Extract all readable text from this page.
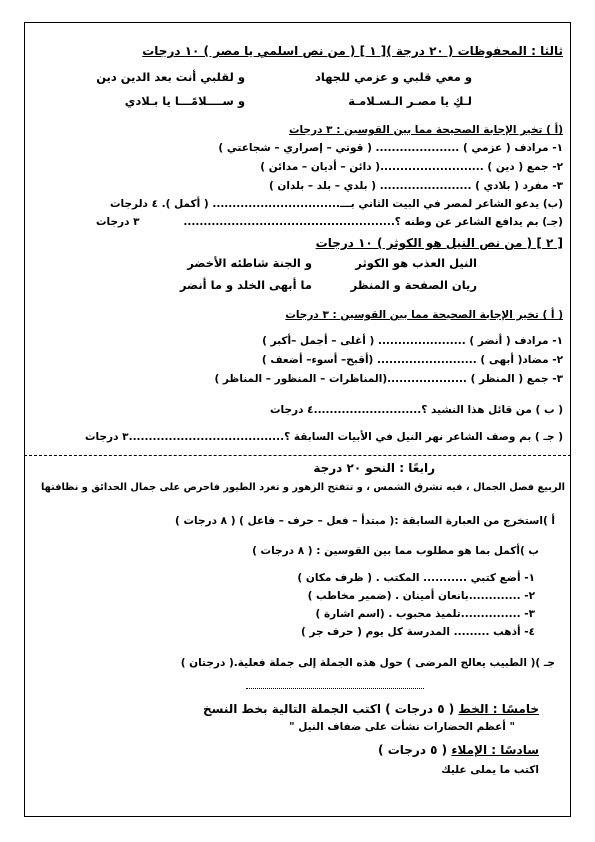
ثالثا : المحفوظات ( ٢٠ درجة )[ ١ ] ( من نص اسلمي يا مصر ) ١٠ درجات
و معي قلبي و عزمي للجهاد
و لقلبي أنت بعد الدين دين
لـكِ يا مصـر الـسـلامـة
و ســــلامًـــا يا بـلادي
(أ ) تخير الإجابة الصحيحة مما بين القوسين : ٣ درجات
١- مرادف ( عزمي ) ..................... ( قوتي – إصراري – شجاعتي )
٢- جمع ( دين ) ..........................( دائن – أديان – مدائن )
٣- مفرد ( بلادي ) ....................... ( بلدي – بلد – بلدان )
(ب) يدعو الشاعر لمصر في البيت الثاني بـــ................................ ( أكمل ). ٤ دلرجات
(جـ) بم يدافع الشاعر عن وطنه ؟.....................................................
٣ درجات
[ ٢ ] ( من نص النيل هو الكوثر ) ١٠ درجات
النيل العذب هو الكوثر
و الجنة شاطئه الأخضر
ريان الصفحة و المنظر
ما أبهى الخلد و ما أنضر
( أ ) تخير الإجابة الصحيحة مما بين القوسين : ٣ درجات
١- مرادف ( أنضر ) ...................... ( أغلى – أجمل –أكبر )
٢- مضاد( أبهى ) ......................... (أقبح– أسوء– أضعف )
٣- جمع ( المنظر ) ....................(المناظرات – المنظور – المناظر )
( ب ) من قائل هذا النشيد ؟...........................٤ درجات
( جـ ) بم وصف الشاعر نهر النيل في الأبيات السابقة ؟.......................................٣ درجات
رابعًا : النحو ٢٠ درجة
الربيع فصل الجمال ، فيه تشرق الشمس ، و تتفتح الزهور و تغرد الطيور فاحرص على جمال الحدائق و نظافتها
أ )استخرج من العبارة السابقة :( مبتدأ – فعل – حرف – فاعل ) ( ٨ درجات )
ب )أكمل بما هو مطلوب مما بين القوسين : ( ٨ درجات )
١- أضع كتبي ........... المكتب . ( ظرف مكان )
٢- .............بانعان أمينان . (ضمير مخاطب )
٣- ...............تلميذ محبوب . (اسم اشارة )
٤- أذهب ......... المدرسة كل يوم ( حرف جر )
جـ )( الطبيب يعالج المرضى ) حول هذه الجملة إلى جملة فعلية.( درجتان )
خامسًا : الخط ( ٥ درجات ) اكتب الجملة التالية بخط النسخ
" أعظم الحضارات نشأت على ضفاف النيل "
سادسًا : الإملاء ( ٥ درجات )
اكتب ما يملى عليك
